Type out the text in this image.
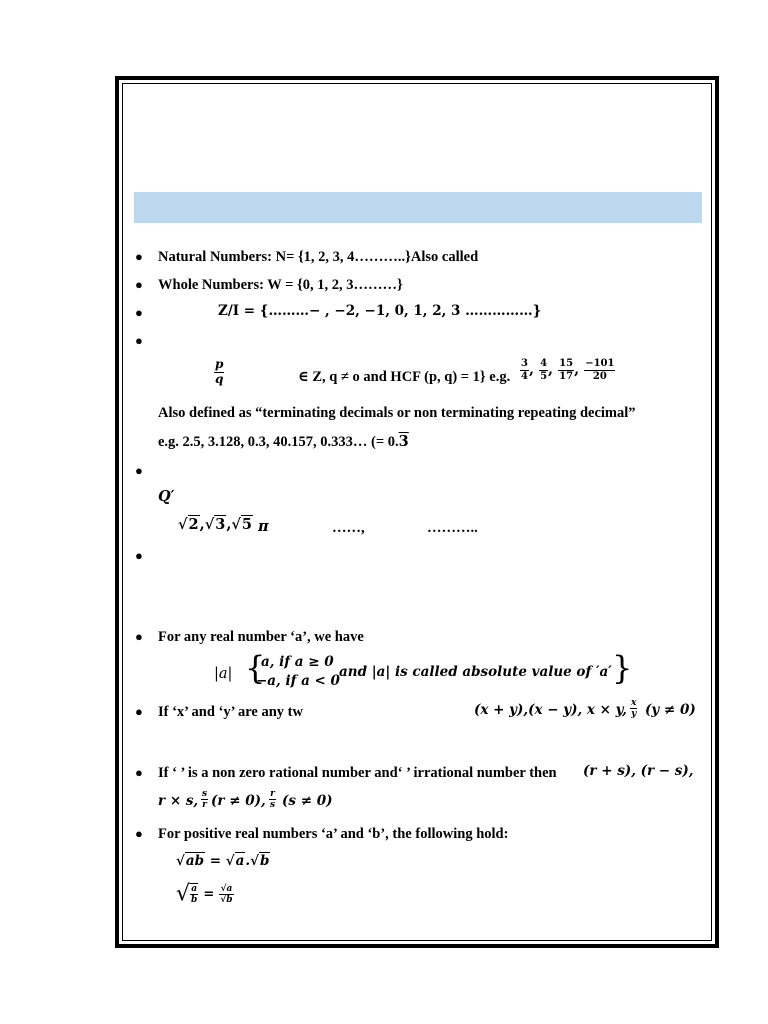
● Natural Numbers: N= {1, 2, 3, 4………..}Also called
● Whole Numbers: W = {0, 1, 2, 3………}
●	Z/I = {………− , −2, −1, 0, 1, 2, 3 ……………}
●
$\frac{p}{q}$	∈ Z, q ≠ o and HCF (p, q) = 1} e.g. $\frac{3}{4}$ , $\frac{4}{5}$ , $\frac{15}{17}$ , $\frac{-101}{20}$
Also defined as “terminating decimals or non terminating repeating decimal”
e.g. 2.5, 3.128, 0.3, 40.157, 0.333… (= 0.3
●
Q′
√2,√3,√5 π	……,	………..
●
● For any real number ‘a’, we have
|a| {
a, if a ≥ 0
−a, if a < 0
and |a| is called absolute value of ′a′ }
● If ‘x’ and ‘y’ are any tw	(x + y),(x − y), x × y, $\frac{x}{y} (y \ne 0)$
● If ‘ ’ is a non zero rational number and‘ ’ irrational number then (r + s), (r − s),
r × s, $\frac{s}{r} (r \ne 0)$, $\frac{r}{s} (s \ne 0)$
● For positive real numbers ‘a’ and ‘b’, the following hold:
√ab = √a.√b
√ $\frac{a}{b} = \frac{√a}{√b}$
